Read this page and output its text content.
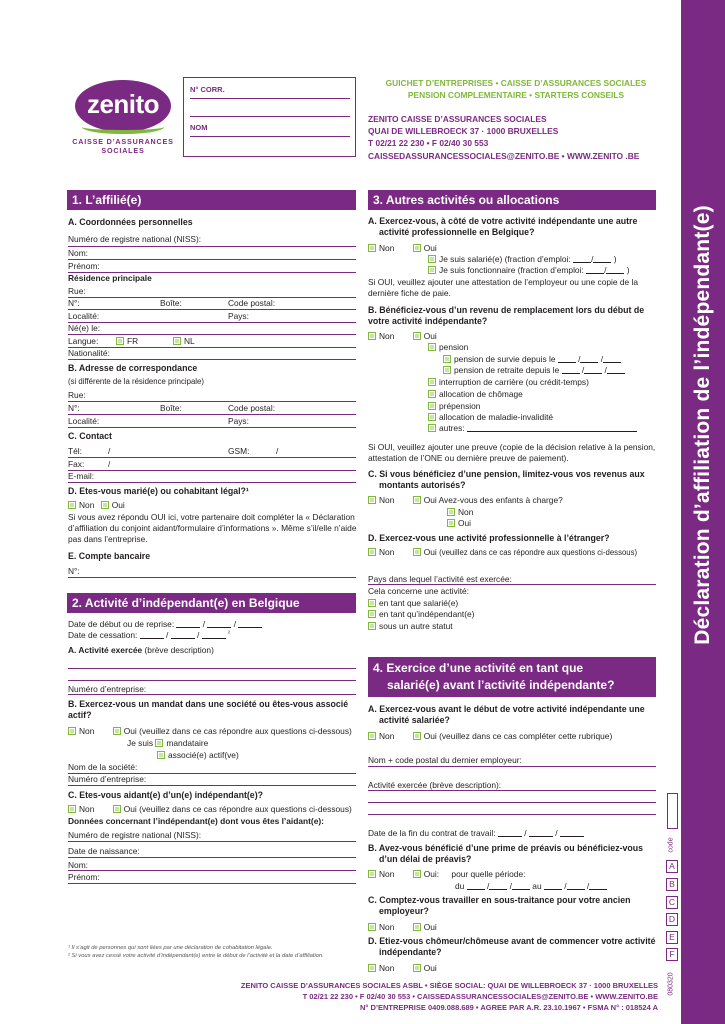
Déclaration d’affiliation de l’indépendant(e)
zenito
CAISSE D’ASSURANCES
SOCIALES
N° CORR.
NOM
GUICHET D’ENTREPRISES • CAISSE D’ASSURANCES SOCIALES
PENSION COMPLEMENTAIRE • STARTERS CONSEILS
ZENITO CAISSE D’ASSURANCES SOCIALES
QUAI DE WILLEBROECK 37 · 1000 BRUXELLES
T 02/21 22 230 • F 02/40 30 553
CAISSEDASSURANCESSOCIALES@ZENITO.BE • WWW.ZENITO .BE
1. L’affilié(e)
A. Coordonnées personnelles
Numéro de registre national (NISS):
Nom:
Prénom:
Résidence principale
Rue:
N°:	Boîte:	Code postal:
Localité:	Pays:
Né(e) le:
Langue:	FR	NL
Nationalité:
B. Adresse de correspondance
(si différente de la résidence principale)
Rue:
N°:	Boîte:	Code postal:
Localité:	Pays:
C. Contact
Tél:	/	GSM:	/
Fax:	/
E-mail:
D. Etes-vous marié(e) ou cohabitant légal?¹
Non Oui
Si vous avez répondu OUI ici, votre partenaire doit compléter la « Déclaration d’affiliation du conjoint aidant/formulaire d’informations ». Même s’il/elle n’aide pas dans l’entreprise.
E. Compte bancaire
N°:
2. Activité d’indépendant(e) en Belgique
Date de début ou de reprise:	/	/
Date de cessation:	/	/	$^{^2}$
A. Activité exercée (brève description)
Numéro d’entreprise:
B. Exercez-vous un mandat dans une société ou êtes-vous associé actif?
Non	Oui (veuillez dans ce cas répondre aux questions ci-dessous)
Je suis mandataire
associé(e) actif(ve)
Nom de la société:
Numéro d’entreprise:
C. Etes-vous aidant(e) d’un(e) indépendant(e)?
Non	Oui (veuillez dans ce cas répondre aux questions ci-dessous)
Données concernant l’indépendant(e) dont vous êtes l’aidant(e):
Numéro de registre national (NISS):
Date de naissance:
Nom:
Prénom:
¹ Il s’agit de personnes qui sont liées par une déclaration de cohabitation légale.
² Si vous avez cessé votre activité d’indépendant(e) entre le début de l’activité et la date d’affiliation.
3. Autres activités ou allocations
A. Exercez-vous, à côté de votre activité indépendante une autre activité professionnelle en Belgique?
Non	Oui
Je suis salarié(e) (fraction d’emploi: / )
Je suis fonctionnaire (fraction d’emploi: / )
Si OUI, veuillez ajouter une attestation de l’employeur ou une copie de la dernière fiche de paie.
B. Bénéficiez-vous d’un revenu de remplacement lors du début de votre activité indépendante?
Non	Oui
pension
pension de survie depuis le  / /
pension de retraite depuis le  / /
interruption de carrière (ou crédit-temps)
allocation de chômage
prépension
allocation de maladie-invalidité
autres:
Si OUI, veuillez ajouter une preuve (copie de la décision relative à la pension, attestation de l’ONE ou dernière preuve de paiement).
C. Si vous bénéficiez d’une pension, limitez-vous vos revenus aux montants autorisés?
Non	Oui Avez-vous des enfants à charge?
Non
Oui
D. Exercez-vous une activité professionnelle à l’étranger?
Non	Oui (veuillez dans ce cas répondre aux questions ci-dessous)
Pays dans lequel l’activité est exercée:
Cela concerne une activité:
en tant que salarié(e)
en tant qu’indépendant(e)
sous un autre statut
4. Exercice d’une activité en tant que
salarié(e) avant l’activité indépendante?
A. Exercez-vous avant le début de votre activité indépendante une activité salariée?
Non	Oui (veuillez dans ce cas compléter cette rubrique)
Nom + code postal du dernier employeur:
Activité exercée (brève description):
Date de la fin du contrat de travail:	/	/
B. Avez-vous bénéficié d’une prime de préavis ou bénéficiez-vous d’un délai de préavis?
Non	Oui: pour quelle période:
du  / / au  / /
C. Comptez-vous travailler en sous-traitance pour votre ancien employeur?
Non	Oui
D. Etiez-vous chômeur/chômeuse avant de commencer votre activité indépendante?
Non	Oui
code
A
B
C
D
E
F
080320
ZENITO CAISSE D’ASSURANCES SOCIALES ASBL • SIÈGE SOCIAL: QUAI DE WILLEBROECK 37 · 1000 BRUXELLES
T 02/21 22 230 • F 02/40 30 553 • CAISSEDASSURANCESSOCIALES@ZENITO.BE • WWW.ZENITO.BE
N° D’ENTREPRISE 0409.088.689 • AGREE PAR A.R. 23.10.1967 • FSMA N° : 018524 A
